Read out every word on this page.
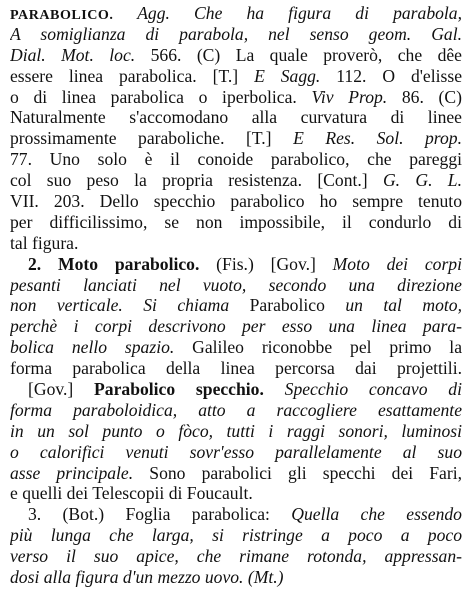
PARABOLICO. Agg. Che ha figura di parabola,
A somiglianza di parabola, nel senso geom. Gal.
Dial. Mot. loc. 566. (C) La quale proverò, che dêe
essere linea parabolica. [T.] E Sagg. 112. O d'elisse
o di linea parabolica o iperbolica. Viv Prop. 86. (C)
Naturalmente s'accomodano alla curvatura di linee
prossimamente paraboliche. [T.] E Res. Sol. prop.
77. Uno solo è il conoide parabolico, che pareggi
col suo peso la propria resistenza. [Cont.] G. G. L.
VII. 203. Dello specchio parabolico ho sempre tenuto
per difficilissimo, se non impossibile, il condurlo di
tal figura.
2. Moto parabolico. (Fis.) [Gov.] Moto dei corpi
pesanti lanciati nel vuoto, secondo una direzione
non verticale. Si chiama Parabolico un tal moto,
perchè i corpi descrivono per esso una linea para-
bolica nello spazio. Galileo riconobbe pel primo la
forma parabolica della linea percorsa dai projettili.
[Gov.] Parabolico specchio. Specchio concavo di
forma paraboloidica, atto a raccogliere esattamente
in un sol punto o fòco, tutti i raggi sonori, luminosi
o calorifici venuti sovr'esso parallelamente al suo
asse principale. Sono parabolici gli specchi dei Fari,
e quelli dei Telescopii di Foucault.
3. (Bot.) Foglia parabolica: Quella che essendo
più lunga che larga, si ristringe a poco a poco
verso il suo apice, che rimane rotonda, appressan-
dosi alla figura d'un mezzo uovo. (Mt.)
